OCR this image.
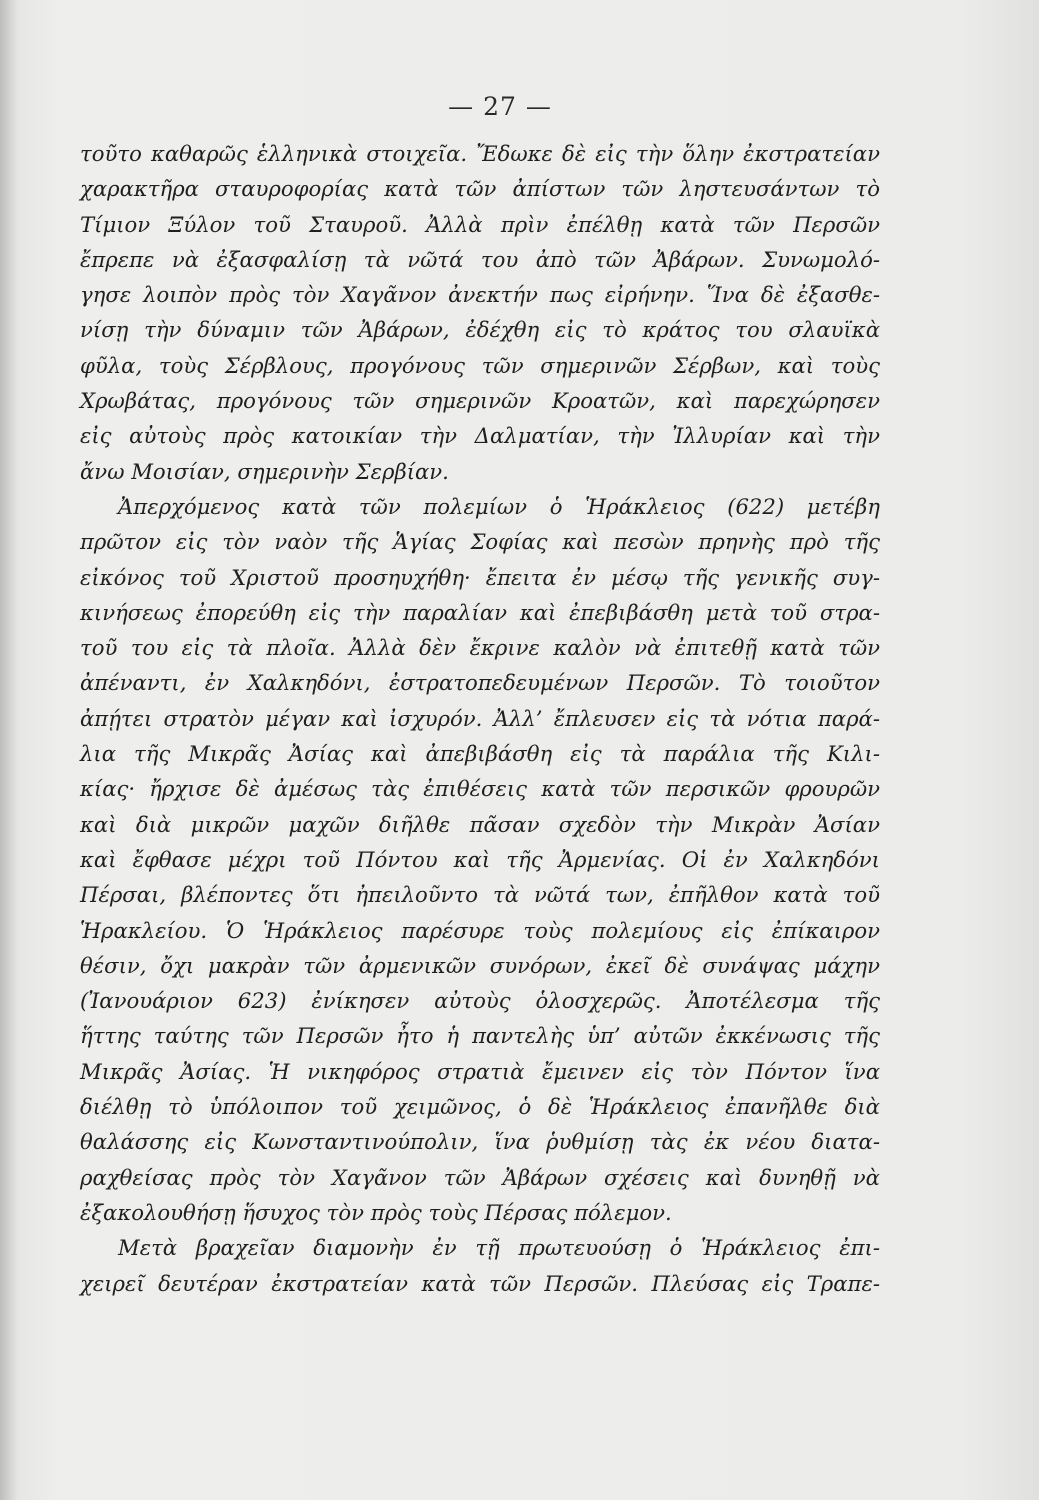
— 27 —

τοῦτο καθαρῶς ἑλληνικὰ στοιχεῖα. Ἔδωκε δὲ εἰς τὴν ὅλην ἐκστρατείαν
χαρακτῆρα σταυροφορίας κατὰ τῶν ἀπίστων τῶν ληστευσάντων τὸ
Τίμιον Ξύλον τοῦ Σταυροῦ. Ἀλλὰ πρὶν ἐπέλθῃ κατὰ τῶν Περσῶν
ἔπρεπε νὰ ἐξασφαλίσῃ τὰ νῶτά του ἀπὸ τῶν Ἀβάρων. Συνωμολό-
γησε λοιπὸν πρὸς τὸν Χαγᾶνον ἀνεκτήν πως εἰρήνην. Ἵνα δὲ ἐξασθε-
νίσῃ τὴν δύναμιν τῶν Ἀβάρων, ἐδέχθη εἰς τὸ κράτος του σλαυϊκὰ
φῦλα, τοὺς Σέρβλους, προγόνους τῶν σημερινῶν Σέρβων, καὶ τοὺς
Χρωβάτας, προγόνους τῶν σημερινῶν Κροατῶν, καὶ παρεχώρησεν
εἰς αὐτοὺς πρὸς κατοικίαν τὴν Δαλματίαν, τὴν Ἰλλυρίαν καὶ τὴν
ἄνω Μοισίαν, σημερινὴν Σερβίαν.

Ἀπερχόμενος κατὰ τῶν πολεμίων ὁ Ἡράκλειος (622) μετέβη
πρῶτον εἰς τὸν ναὸν τῆς Ἁγίας Σοφίας καὶ πεσὼν πρηνὴς πρὸ τῆς
εἰκόνος τοῦ Χριστοῦ προσηυχήθη· ἔπειτα ἐν μέσῳ τῆς γενικῆς συγ-
κινήσεως ἐπορεύθη εἰς τὴν παραλίαν καὶ ἐπεβιβάσθη μετὰ τοῦ στρα-
τοῦ του εἰς τὰ πλοῖα. Ἀλλὰ δὲν ἔκρινε καλὸν νὰ ἐπιτεθῇ κατὰ τῶν
ἀπέναντι, ἐν Χαλκηδόνι, ἐστρατοπεδευμένων Περσῶν. Τὸ τοιοῦτον
ἀπῄτει στρατὸν μέγαν καὶ ἰσχυρόν. Ἀλλ’ ἔπλευσεν εἰς τὰ νότια παρά-
λια τῆς Μικρᾶς Ἀσίας καὶ ἀπεβιβάσθη εἰς τὰ παράλια τῆς Κιλι-
κίας· ἤρχισε δὲ ἀμέσως τὰς ἐπιθέσεις κατὰ τῶν περσικῶν φρουρῶν
καὶ διὰ μικρῶν μαχῶν διῆλθε πᾶσαν σχεδὸν τὴν Μικρὰν Ἀσίαν
καὶ ἔφθασε μέχρι τοῦ Πόντου καὶ τῆς Ἀρμενίας. Οἱ ἐν Χαλκηδόνι
Πέρσαι, βλέποντες ὅτι ἠπειλοῦντο τὰ νῶτά των, ἐπῆλθον κατὰ τοῦ
Ἡρακλείου. Ὁ Ἡράκλειος παρέσυρε τοὺς πολεμίους εἰς ἐπίκαιρον
θέσιν, ὄχι μακρὰν τῶν ἀρμενικῶν συνόρων, ἐκεῖ δὲ συνάψας μάχην
(Ἰανουάριον 623) ἐνίκησεν αὐτοὺς ὁλοσχερῶς. Ἀποτέλεσμα τῆς
ἥττης ταύτης τῶν Περσῶν ἦτο ἡ παντελὴς ὑπ’ αὐτῶν ἐκκένωσις τῆς
Μικρᾶς Ἀσίας. Ἡ νικηφόρος στρατιὰ ἔμεινεν εἰς τὸν Πόντον ἵνα
διέλθῃ τὸ ὑπόλοιπον τοῦ χειμῶνος, ὁ δὲ Ἡράκλειος ἐπανῆλθε διὰ
θαλάσσης εἰς Κωνσταντινούπολιν, ἵνα ῥυθμίσῃ τὰς ἐκ νέου διατα-
ραχθείσας πρὸς τὸν Χαγᾶνον τῶν Ἀβάρων σχέσεις καὶ δυνηθῇ νὰ
ἐξακολουθήσῃ ἥσυχος τὸν πρὸς τοὺς Πέρσας πόλεμον.

Μετὰ βραχεῖαν διαμονὴν ἐν τῇ πρωτευούσῃ ὁ Ἡράκλειος ἐπι-
χειρεῖ δευτέραν ἐκστρατείαν κατὰ τῶν Περσῶν. Πλεύσας εἰς Τραπε-
